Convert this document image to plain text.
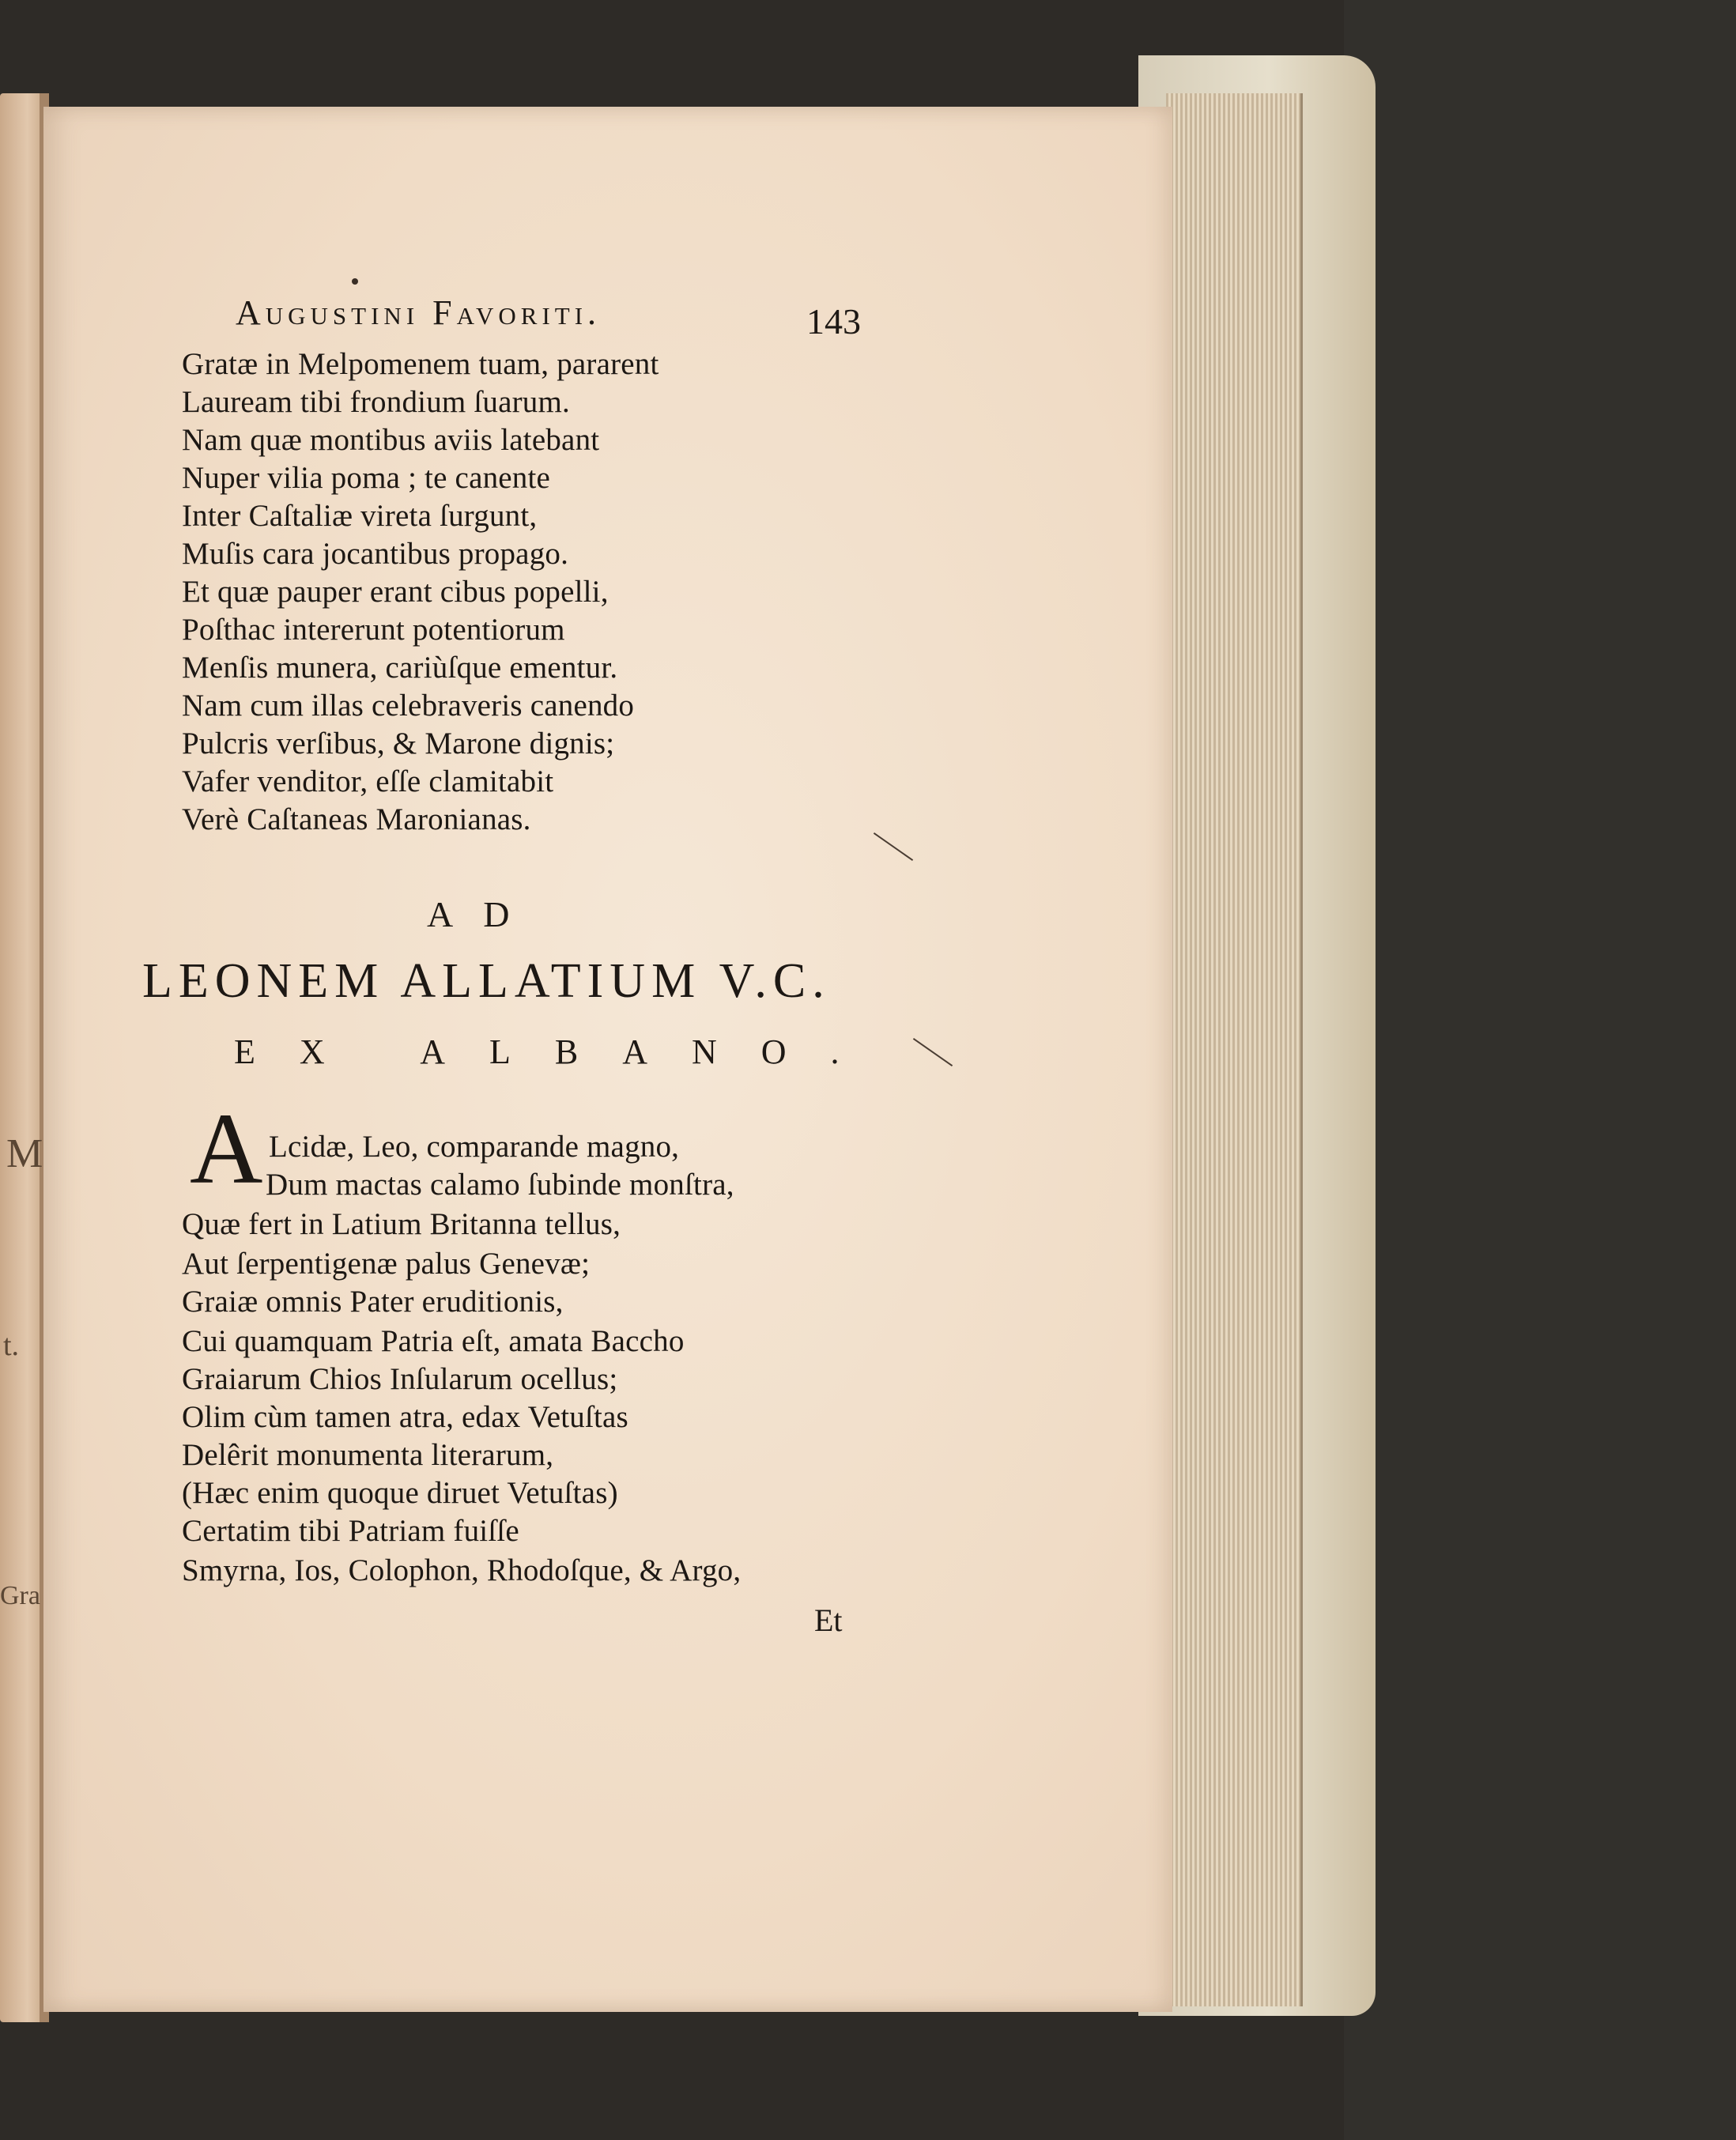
M
t.
Gra
Augustini Favoriti.	143
Gratæ in Melpomenem tuam, pararent
Lauream tibi frondium ſuarum.
Nam quæ montibus aviis latebant
Nuper vilia poma ; te canente
Inter Caſtaliæ vireta ſurgunt,
Muſis cara jocantibus propago.
Et quæ pauper erant cibus popelli,
Poſthac intererunt potentiorum
Menſis munera, cariùſque ementur.
Nam cum illas celebraveris canendo
Pulcris verſibus, & Marone dignis;
Vafer venditor, eſſe clamitabit
Verè Caſtaneas Maronianas.
AD
LEONEM ALLATIUM V.C.
EX ALBANO.
A Lcidæ, Leo, comparande magno,
Dum mactas calamo ſubinde monſtra,
Quæ fert in Latium Britanna tellus,
Aut ſerpentigenæ palus Genevæ;
Graiæ omnis Pater eruditionis,
Cui quamquam Patria eſt, amata Baccho
Graiarum Chios Inſularum ocellus;
Olim cùm tamen atra, edax Vetuſtas
Delêrit monumenta literarum,
(Hæc enim quoque diruet Vetuſtas)
Certatim tibi Patriam fuiſſe
Smyrna, Ios, Colophon, Rhodoſque, & Argo,
Et
